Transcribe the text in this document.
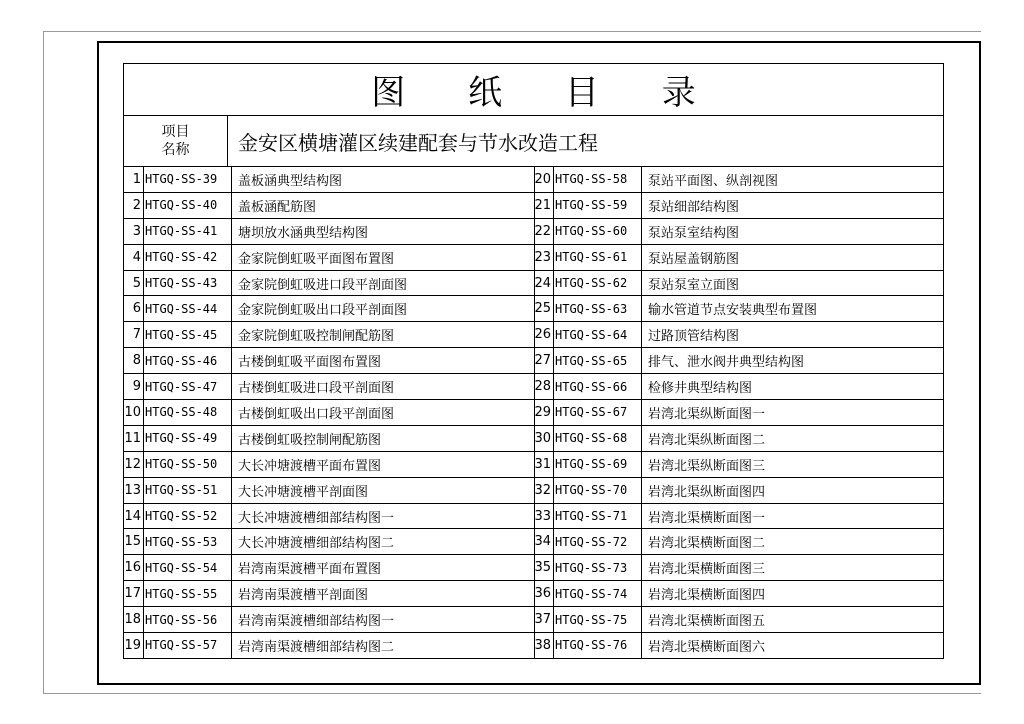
图 纸 目 录
项目
名称 金安区横塘灌区续建配套与节水改造工程
1 HTGQ-SS-39	盖板涵典型结构图	20 HTGQ-SS-58	泵站平面图、纵剖视图
2 HTGQ-SS-40	盖板涵配筋图	21 HTGQ-SS-59	泵站细部结构图
3 HTGQ-SS-41	塘坝放水涵典型结构图	22 HTGQ-SS-60	泵站泵室结构图
4 HTGQ-SS-42	金家院倒虹吸平面图布置图	23 HTGQ-SS-61	泵站屋盖钢筋图
5 HTGQ-SS-43	金家院倒虹吸进口段平剖面图	24 HTGQ-SS-62	泵站泵室立面图
6 HTGQ-SS-44	金家院倒虹吸出口段平剖面图	25 HTGQ-SS-63	输水管道节点安装典型布置图
7 HTGQ-SS-45	金家院倒虹吸控制闸配筋图	26 HTGQ-SS-64	过路顶管结构图
8 HTGQ-SS-46	古楼倒虹吸平面图布置图	27 HTGQ-SS-65	排气、泄水阀井典型结构图
9 HTGQ-SS-47	古楼倒虹吸进口段平剖面图	28 HTGQ-SS-66	检修井典型结构图
10 HTGQ-SS-48	古楼倒虹吸出口段平剖面图	29 HTGQ-SS-67	岩湾北渠纵断面图一
11 HTGQ-SS-49	古楼倒虹吸控制闸配筋图	30 HTGQ-SS-68	岩湾北渠纵断面图二
12 HTGQ-SS-50	大长冲塘渡槽平面布置图	31 HTGQ-SS-69	岩湾北渠纵断面图三
13 HTGQ-SS-51	大长冲塘渡槽平剖面图	32 HTGQ-SS-70	岩湾北渠纵断面图四
14 HTGQ-SS-52	大长冲塘渡槽细部结构图一	33 HTGQ-SS-71	岩湾北渠横断面图一
15 HTGQ-SS-53	大长冲塘渡槽细部结构图二	34 HTGQ-SS-72	岩湾北渠横断面图二
16 HTGQ-SS-54	岩湾南渠渡槽平面布置图	35 HTGQ-SS-73	岩湾北渠横断面图三
17 HTGQ-SS-55	岩湾南渠渡槽平剖面图	36 HTGQ-SS-74	岩湾北渠横断面图四
18 HTGQ-SS-56	岩湾南渠渡槽细部结构图一	37 HTGQ-SS-75	岩湾北渠横断面图五
19 HTGQ-SS-57	岩湾南渠渡槽细部结构图二	38 HTGQ-SS-76	岩湾北渠横断面图六
